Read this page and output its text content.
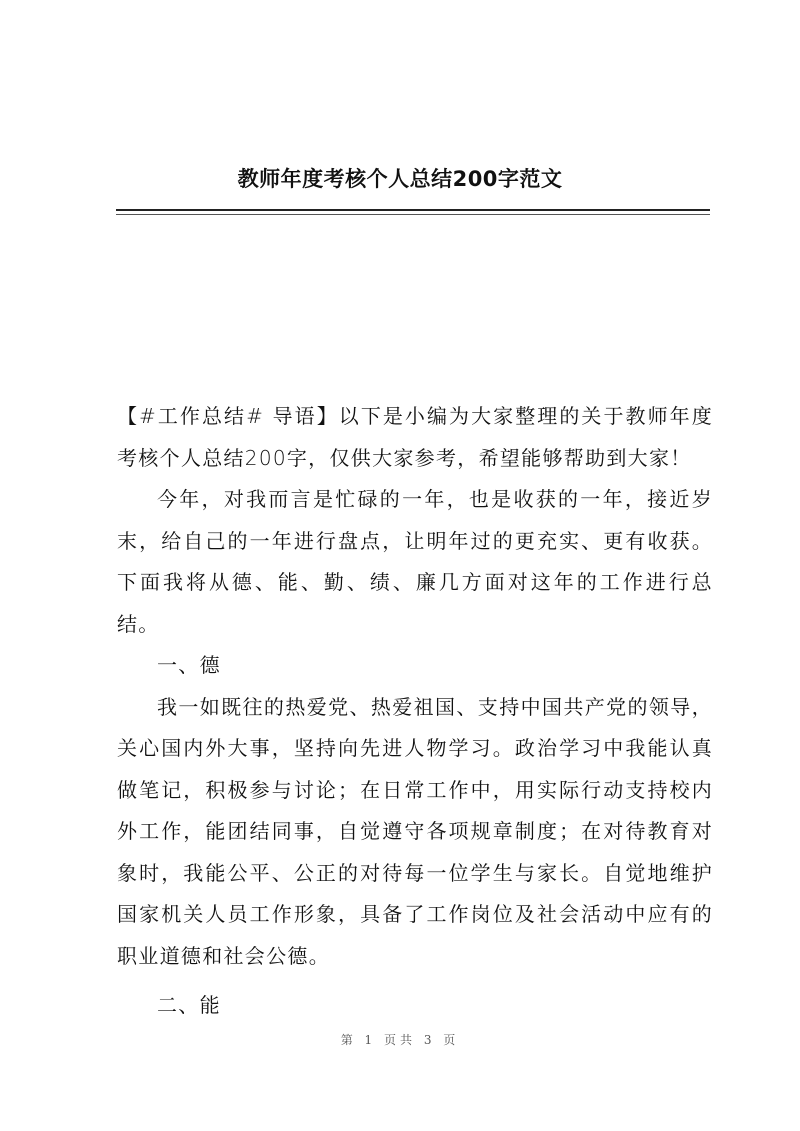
教师年度考核个人总结200字范文

【#工作总结# 导语】以下是小编为大家整理的关于教师年度考核个人总结200字，仅供大家参考，希望能够帮助到大家！

今年，对我而言是忙碌的一年，也是收获的一年，接近岁末，给自己的一年进行盘点，让明年过的更充实、更有收获。下面我将从德、能、勤、绩、廉几方面对这年的工作进行总结。

一、德

我一如既往的热爱党、热爱祖国、支持中国共产党的领导，关心国内外大事，坚持向先进人物学习。政治学习中我能认真做笔记，积极参与讨论；在日常工作中，用实际行动支持校内外工作，能团结同事，自觉遵守各项规章制度；在对待教育对象时，我能公平、公正的对待每一位学生与家长。自觉地维护国家机关人员工作形象，具备了工作岗位及社会活动中应有的职业道德和社会公德。

二、能

第 1 页共 3 页
